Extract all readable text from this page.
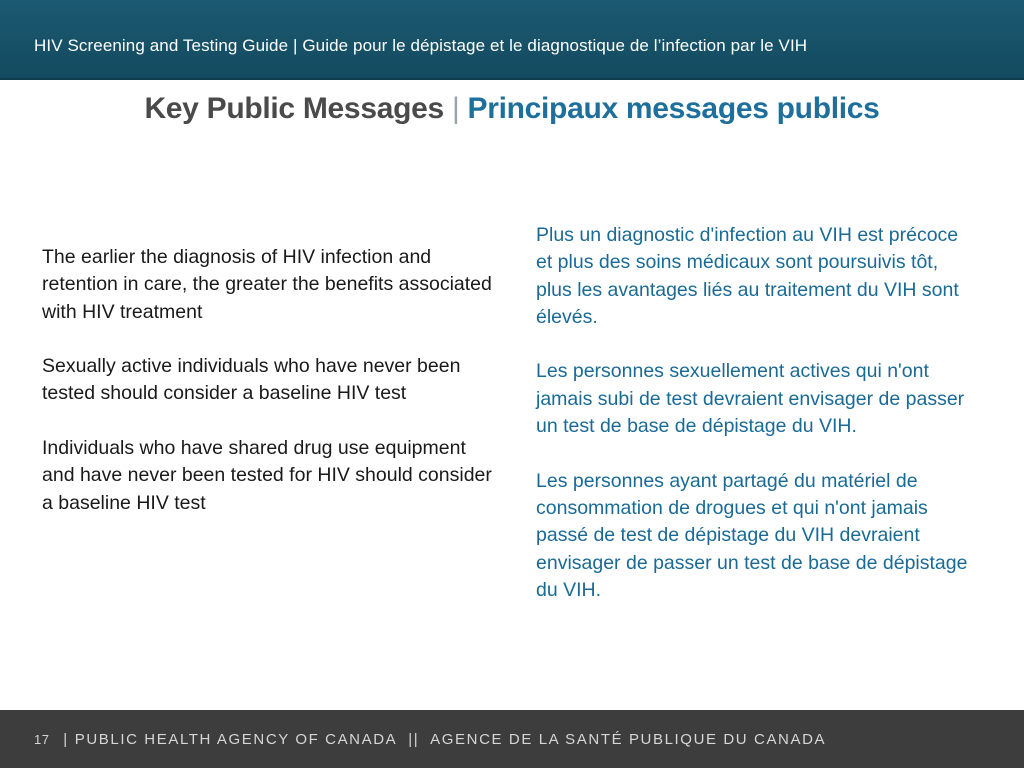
HIV Screening and Testing Guide | Guide pour le dépistage et le diagnostique de l’infection par le VIH
Key Public Messages | Principaux messages publics

The earlier the diagnosis of HIV infection and retention in care, the greater the benefits associated with HIV treatment

Sexually active individuals who have never been tested should consider a baseline HIV test

Individuals who have shared drug use equipment and have never been tested for HIV should consider a baseline HIV test

Plus un diagnostic d'infection au VIH est précoce et plus des soins médicaux sont poursuivis tôt, plus les avantages liés au traitement du VIH sont élevés.

Les personnes sexuellement actives qui n'ont jamais subi de test devraient envisager de passer un test de base de dépistage du VIH.

Les personnes ayant partagé du matériel de consommation de drogues et qui n'ont jamais passé de test de dépistage du VIH devraient envisager de passer un test de base de dépistage du VIH.

17 | PUBLIC HEALTH AGENCY OF CANADA || AGENCE DE LA SANTÉ PUBLIQUE DU CANADA
